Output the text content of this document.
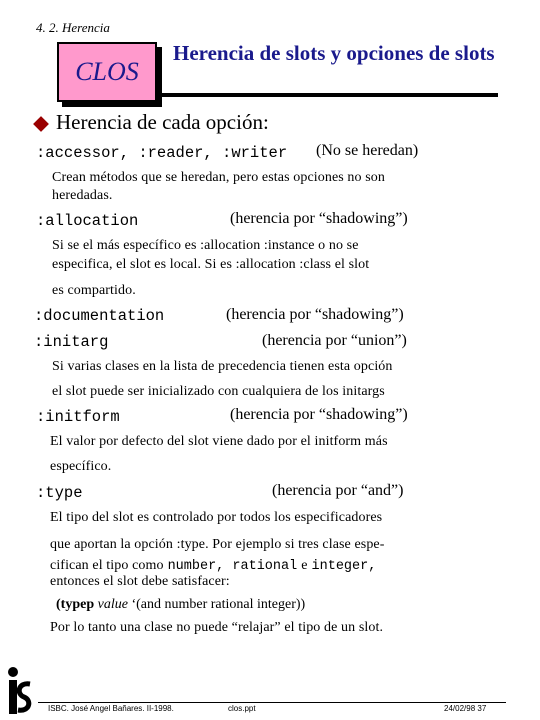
4. 2. Herencia
CLOS
Herencia de slots y opciones de slots
Herencia de cada opción:
:accessor, :reader, :writer (No se heredan)
Crean métodos que se heredan, pero estas opciones no son
heredadas.
:allocation	(herencia por “shadowing”)
Si se el más específico es :allocation :instance o no se
especifica, el slot es local. Si es :allocation :class el slot
es compartido.
:documentation	(herencia por “shadowing”)
:initarg	(herencia por “union”)
Si varias clases en la lista de precedencia tienen esta opción
el slot puede ser inicializado con cualquiera de los initargs
:initform	(herencia por “shadowing”)
El valor por defecto del slot viene dado por el initform más
específico.
:type	(herencia por “and”)
El tipo del slot es controlado por todos los especificadores
que aportan la opción :type. Por ejemplo si tres clase espe-
cifican el tipo como number, rational e integer,
entonces el slot debe satisfacer:
(typep value ‘(and number rational integer))
Por lo tanto una clase no puede “relajar” el tipo de un slot.
ISBC. José Angel Bañares. II-1998.	clos.ppt	24/02/98 37
